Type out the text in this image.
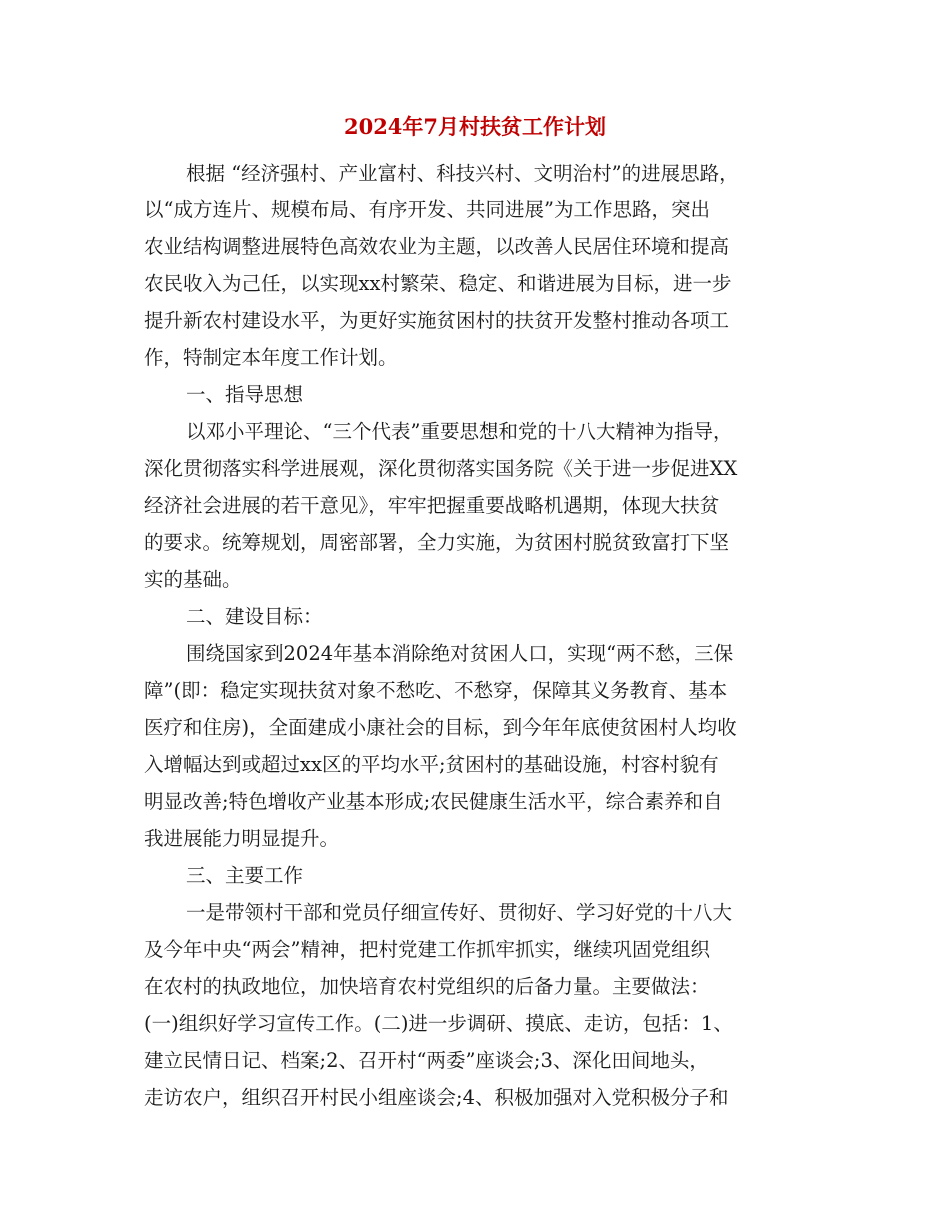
2024年7月村扶贫工作计划
根据 “经济强村、产业富村、科技兴村、文明治村”的进展思路，
以“成方连片、规模布局、有序开发、共同进展”为工作思路，突出
农业结构调整进展特色高效农业为主题，以改善人民居住环境和提高
农民收入为己任，以实现xx村繁荣、稳定、和谐进展为目标，进一步
提升新农村建设水平，为更好实施贫困村的扶贫开发整村推动各项工
作，特制定本年度工作计划。
一、指导思想
以邓小平理论、“三个代表”重要思想和党的十八大精神为指导，
深化贯彻落实科学进展观，深化贯彻落实国务院《关于进一步促进XX
经济社会进展的若干意见》，牢牢把握重要战略机遇期，体现大扶贫
的要求。统筹规划，周密部署，全力实施，为贫困村脱贫致富打下坚
实的基础。
二、建设目标：
围绕国家到2024年基本消除绝对贫困人口，实现“两不愁，三保
障”(即：稳定实现扶贫对象不愁吃、不愁穿，保障其义务教育、基本
医疗和住房)，全面建成小康社会的目标，到今年年底使贫困村人均收
入增幅达到或超过xx区的平均水平;贫困村的基础设施，村容村貌有
明显改善;特色增收产业基本形成;农民健康生活水平，综合素养和自
我进展能力明显提升。
三、主要工作
一是带领村干部和党员仔细宣传好、贯彻好、学习好党的十八大
及今年中央“两会”精神，把村党建工作抓牢抓实，继续巩固党组织
在农村的执政地位，加快培育农村党组织的后备力量。主要做法：
(一)组织好学习宣传工作。(二)进一步调研、摸底、走访，包括：1、
建立民情日记、档案;2、召开村“两委”座谈会;3、深化田间地头，
走访农户，组织召开村民小组座谈会;4、积极加强对入党积极分子和
